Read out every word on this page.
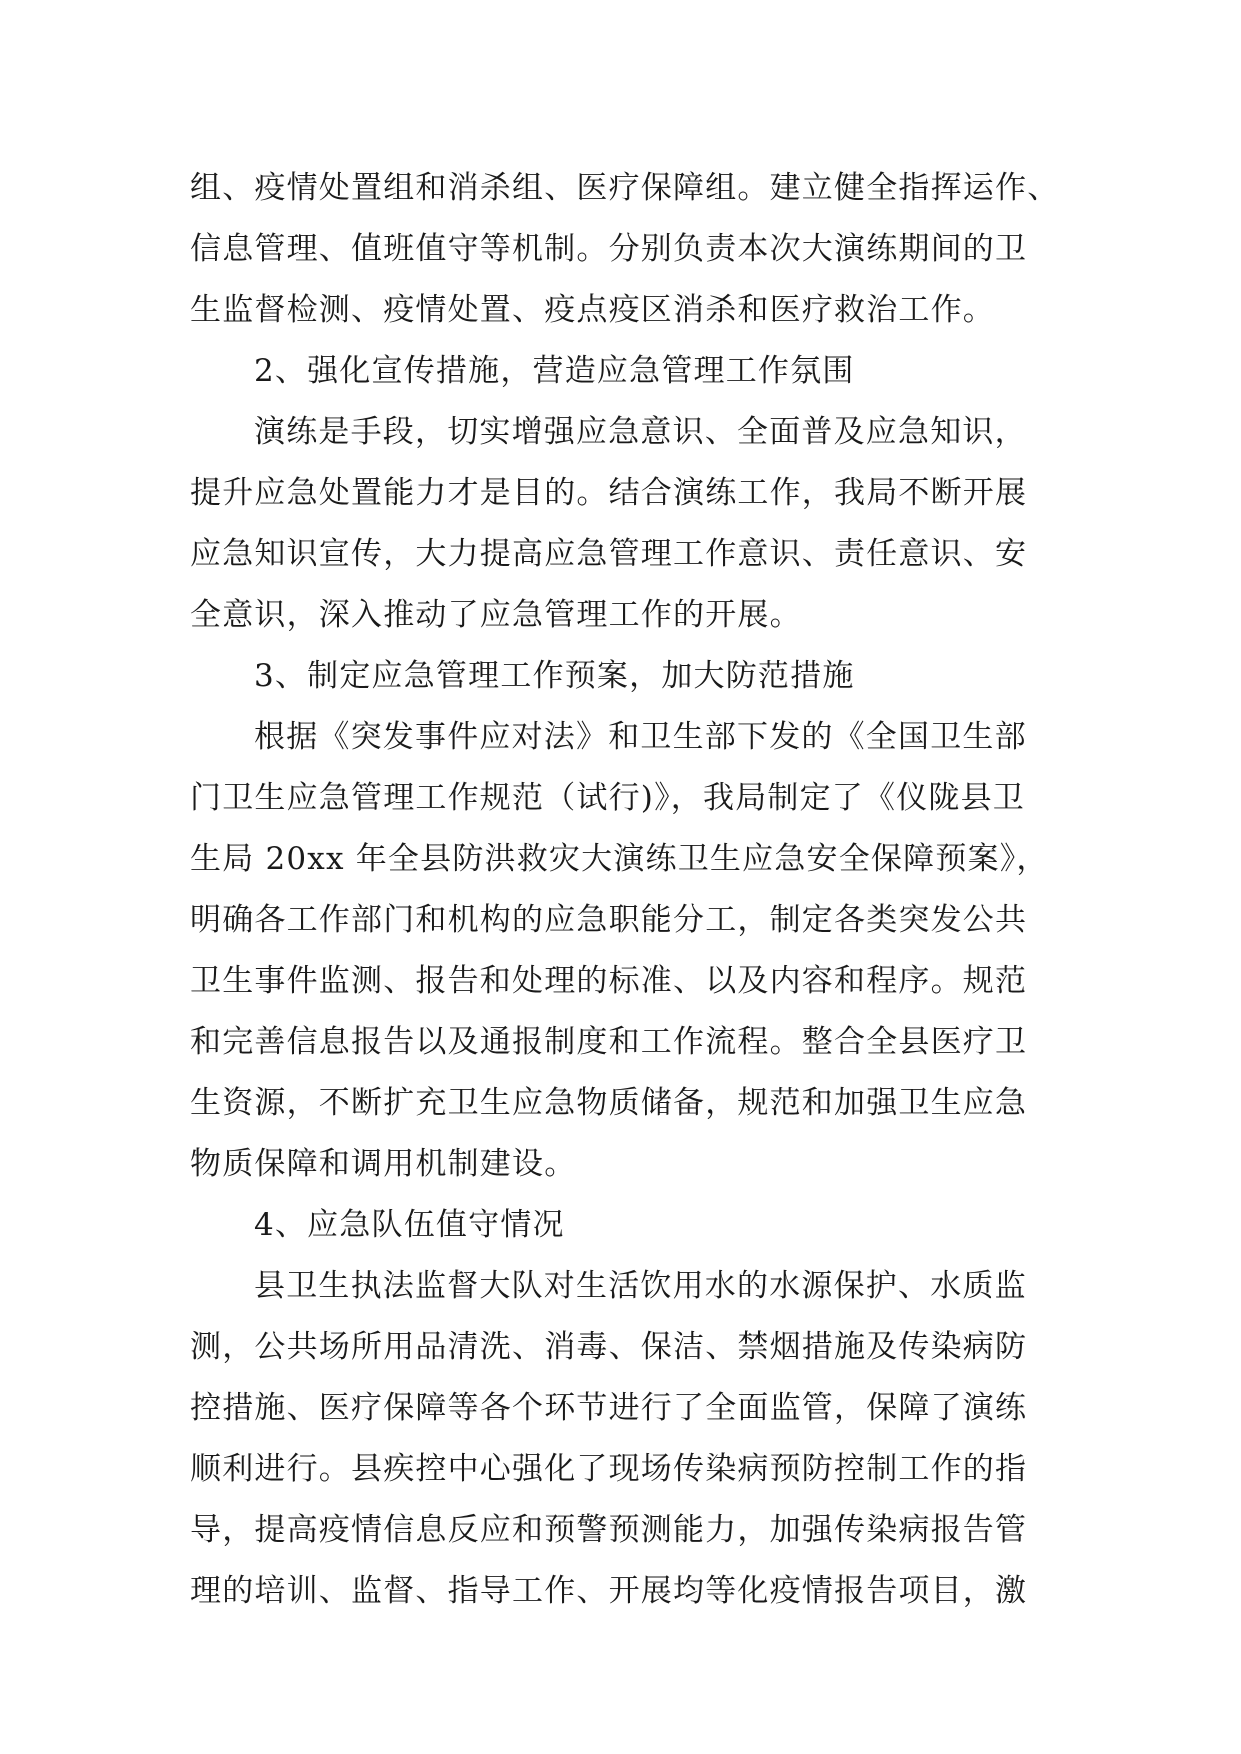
组、疫情处置组和消杀组、医疗保障组。建立健全指挥运作、
信息管理、值班值守等机制。分别负责本次大演练期间的卫
生监督检测、疫情处置、疫点疫区消杀和医疗救治工作。
2、强化宣传措施，营造应急管理工作氛围
演练是手段，切实增强应急意识、全面普及应急知识，
提升应急处置能力才是目的。结合演练工作，我局不断开展
应急知识宣传，大力提高应急管理工作意识、责任意识、安
全意识，深入推动了应急管理工作的开展。
3、制定应急管理工作预案，加大防范措施
根据《突发事件应对法》和卫生部下发的《全国卫生部
门卫生应急管理工作规范（试行)》，我局制定了《仪陇县卫
生局 20xx 年全县防洪救灾大演练卫生应急安全保障预案》，
明确各工作部门和机构的应急职能分工，制定各类突发公共
卫生事件监测、报告和处理的标准、以及内容和程序。规范
和完善信息报告以及通报制度和工作流程。整合全县医疗卫
生资源，不断扩充卫生应急物质储备，规范和加强卫生应急
物质保障和调用机制建设。
4、应急队伍值守情况
县卫生执法监督大队对生活饮用水的水源保护、水质监
测，公共场所用品清洗、消毒、保洁、禁烟措施及传染病防
控措施、医疗保障等各个环节进行了全面监管，保障了演练
顺利进行。县疾控中心强化了现场传染病预防控制工作的指
导，提高疫情信息反应和预警预测能力，加强传染病报告管
理的培训、监督、指导工作、开展均等化疫情报告项目，激
